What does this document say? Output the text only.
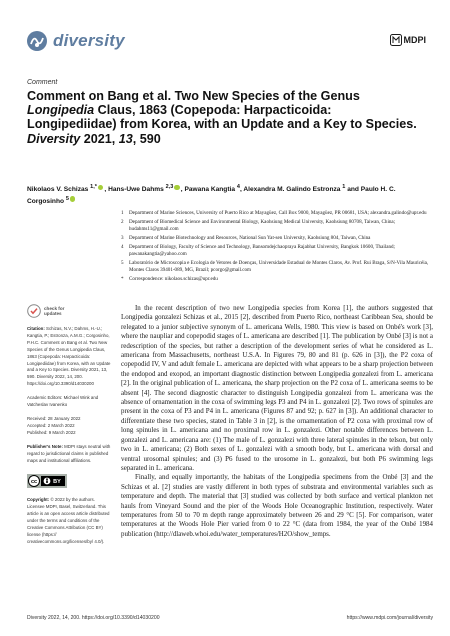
diversity	MDPI
Comment
Comment on Bang et al. Two New Species of the Genus Longipedia Claus, 1863 (Copepoda: Harpacticoida: Longipediidae) from Korea, with an Update and a Key to Species. Diversity 2021, 13, 590
Nikolaos V. Schizas $^{1,*}$ , Hans-Uwe Dahms $^{2,3}$ , Pawana Kangtia $^4$, Alexandra M. Galindo Estronza $^1$ and Paulo H. C. Corgosinho $^5$
1	Department of Marine Sciences, University of Puerto Rico at Mayagüez, Call Box 9000, Mayagüez, PR 00681, USA; alexandra.galindo@upr.edu
2	Department of Biomedical Science and Environmental Biology, Kaohsiung Medical University, Kaohsiung 80708, Taiwan, China; hudahms11@gmail.com
3	Department of Marine Biotechnology and Resources, National Sun Yat-sen University, Kaohsiung 804, Taiwan, China
4	Department of Biology, Faculty of Science and Technology, Bansomdejchaopraya Rajabhat University, Bangkok 10600, Thailand; pawanakangtia@yahoo.com
5	Laboratório de Microscopia e Ecologia de Vetores de Doenças, Universidade Estadual de Montes Claros, Av. Prof. Rui Braga, S/N-Vila Mauricéia, Montes Claros 39401-089, MG, Brazil; pcorgo@gmail.com
*	Correspondence: nikolaos.schizas@upr.edu
check for
updates
Citation: Schizas, N.V.; Dahms, H.-U.; Kangtia, P.; Estronza, A.M.G.; Corgosinho, P.H.C. Comment on Bang et al. Two New Species of the Genus Longipedia Claus, 1863 (Copepoda: Harpacticoida: Longipediidae) from Korea, with an Update and a Key to Species. Diversity 2021, 13, 590. Diversity 2022, 14, 200. https://doi.org/10.3390/d14030200
Academic Editors: Michael Wink and Vatcheslav Ivanenko
Received: 28 January 2022
Accepted: 2 March 2022
Published: 9 March 2022
Publisher's Note: MDPI stays neutral with regard to jurisdictional claims in published maps and institutional affiliations.
cc	BY
Copyright: © 2022 by the authors. Licensee MDPI, Basel, Switzerland. This article is an open access article distributed under the terms and conditions of the Creative Commons Attribution (CC BY) license (https:// creativecommons.org/licenses/by/ 4.0/).

In the recent description of two new Longipedia species from Korea [1], the authors suggested that Longipedia gonzalezi Schizas et al., 2015 [2], described from Puerto Rico, northeast Caribbean Sea, should be relegated to a junior subjective synonym of L. americana Wells, 1980. This view is based on Onbé's work [3], where the naupliar and copepodid stages of L. americana are described [1]. The publication by Onbé [3] is not a redescription of the species, but rather a description of the development series of what he considered as L. americana from Massachusetts, northeast U.S.A. In Figures 79, 80 and 81 (p. 626 in [3]), the P2 coxa of copepodid IV, V and adult female L. americana are depicted with what appears to be a sharp projection between the endopod and exopod, an important diagnostic distinction between Longipedia gonzalezi from L. americana [2]. In the original publication of L. americana, the sharp projection on the P2 coxa of L. americana seems to be absent [4]. The second diagnostic character to distinguish Longipedia gonzalezi from L. americana was the absence of ornamentation in the coxa of swimming legs P3 and P4 in L. gonzalezi [2]. Two rows of spinules are present in the coxa of P3 and P4 in L. americana (Figures 87 and 92; p. 627 in [3]). An additional character to differentiate these two species, stated in Table 3 in [2], is the ornamentation of P2 coxa with proximal row of long spinules in L. americana and no proximal row in L. gonzalezi. Other notable differences between L. gonzalezi and L. americana are: (1) The male of L. gonzalezi with three lateral spinules in the telson, but only two in L. americana; (2) Both sexes of L. gonzalezi with a smooth body, but L. americana with dorsal and ventral urosomal spinules; and (3) P6 fused to the urosome in L. gonzalezi, but both P6 swimming legs separated in L. americana.

Finally, and equally importantly, the habitats of the Longipedia specimens from the Onbé [3] and the Schizas et al. [2] studies are vastly different in both types of substrata and environmental variables such as temperature and depth. The material that [3] studied was collected by both surface and vertical plankton net hauls from Vineyard Sound and the pier of the Woods Hole Oceanographic Institution, respectively. Water temperatures from 50 to 70 m depth range approximately between 26 and 29 °C [5]. For comparison, water temperatures at the Woods Hole Pier varied from 0 to 22 °C (data from 1984, the year of the Onbé 1984 publication (http://dlaweb.whoi.edu/water_temperatures/H2O/show_temps.

Diversity 2022, 14, 200. https://doi.org/10.3390/d14030200	https://www.mdpi.com/journal/diversity
